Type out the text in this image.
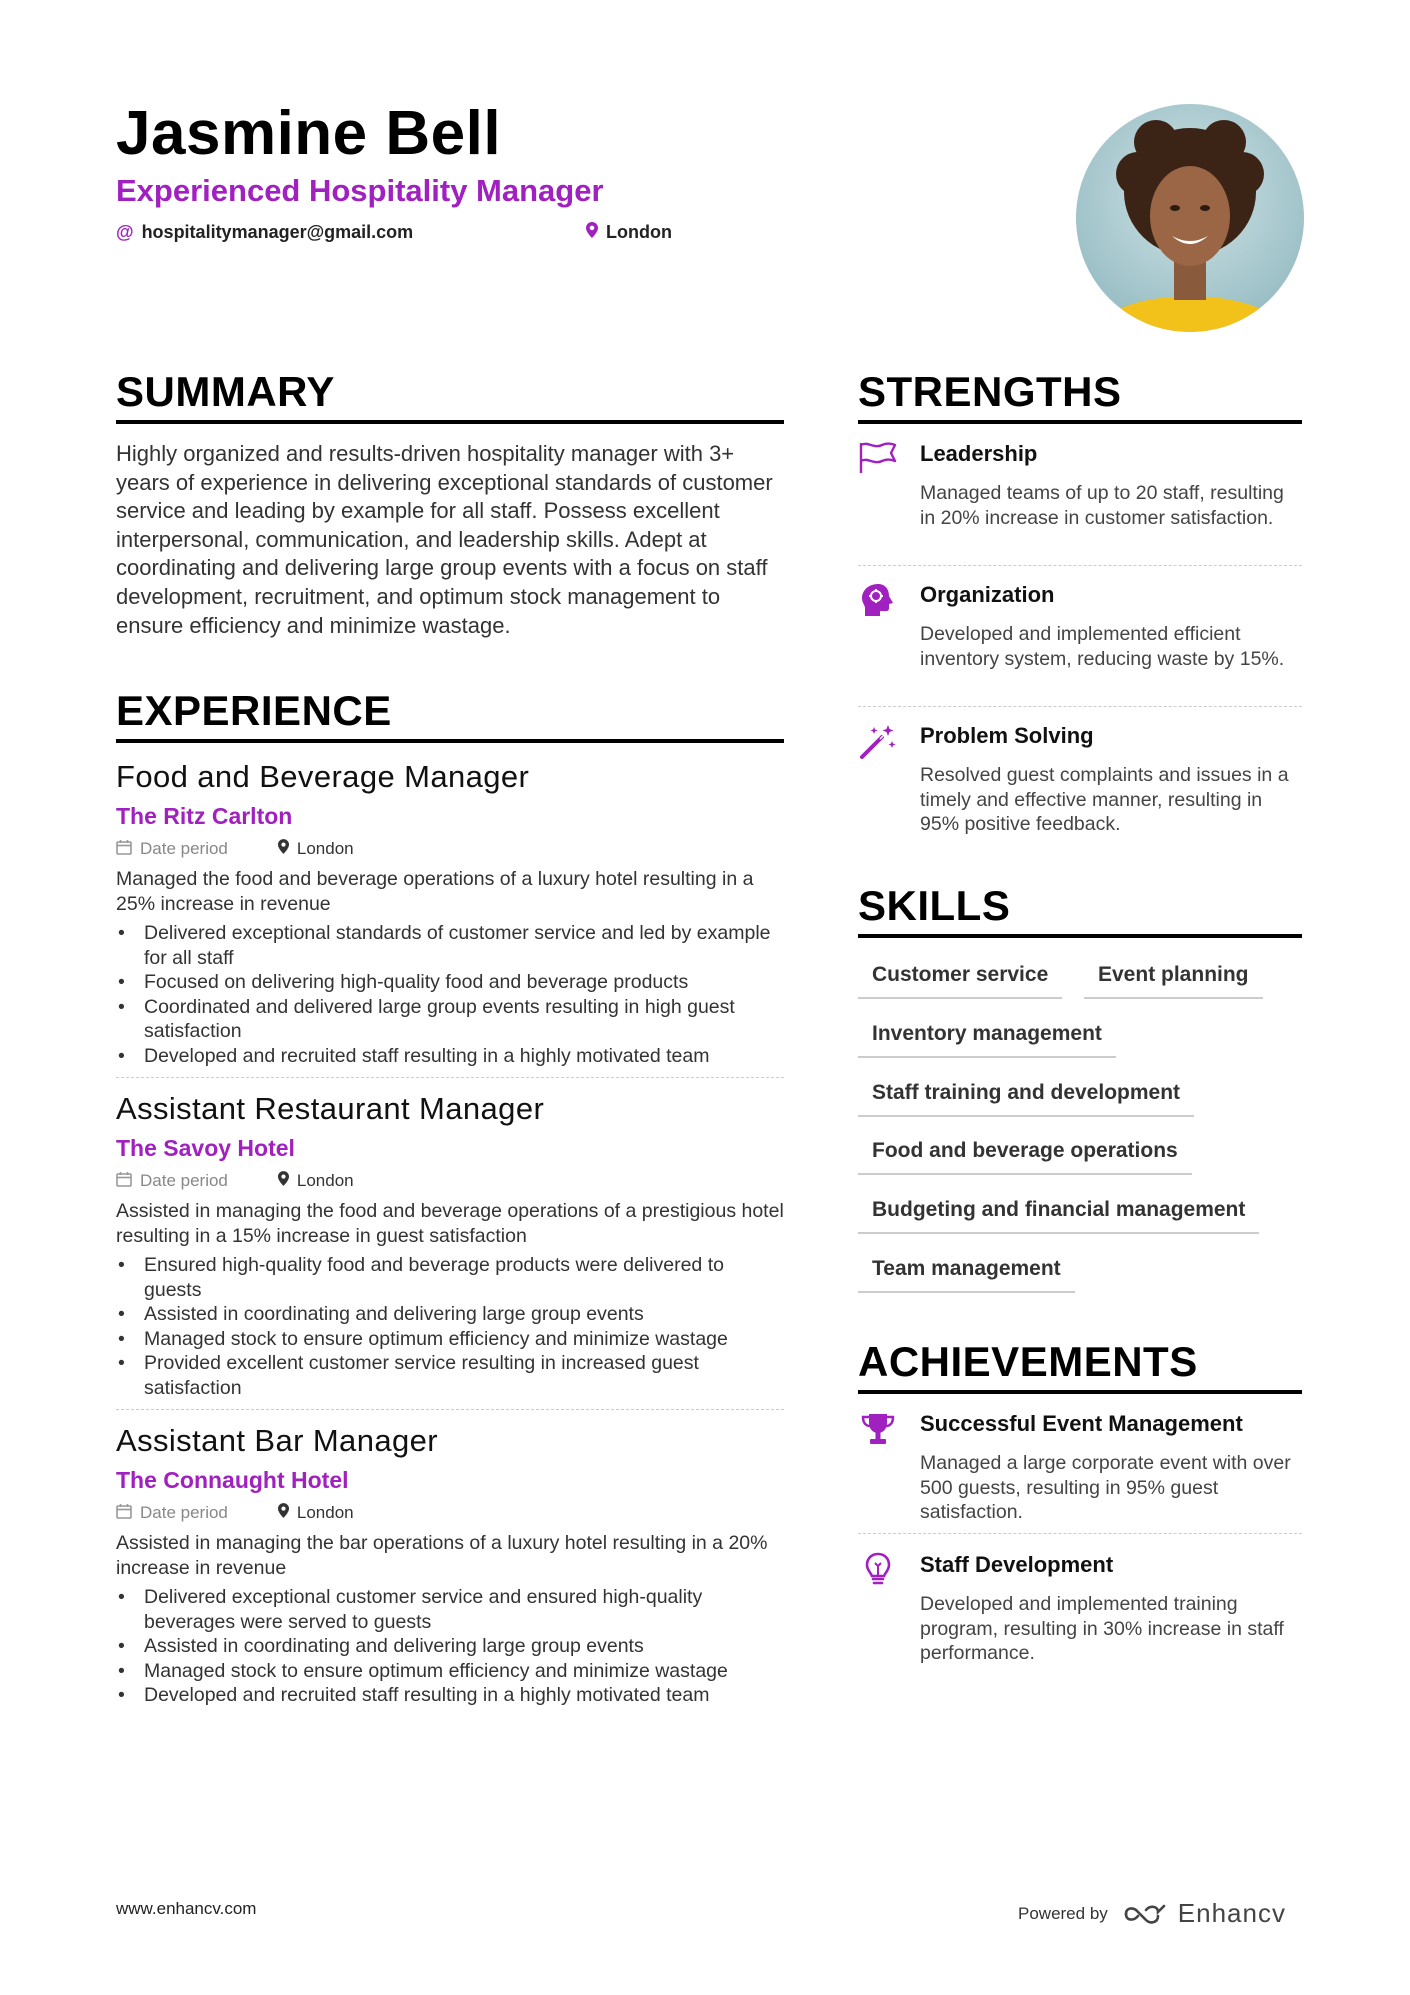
Jasmine Bell
Experienced Hospitality Manager
@ hospitalitymanager@gmail.com	London
SUMMARY
Highly organized and results-driven hospitality manager with 3+ years of experience in delivering exceptional standards of customer service and leading by example for all staff. Possess excellent interpersonal, communication, and leadership skills. Adept at coordinating and delivering large group events with a focus on staff development, recruitment, and optimum stock management to ensure efficiency and minimize wastage.
EXPERIENCE
Food and Beverage Manager
The Ritz Carlton
Date period	London
Managed the food and beverage operations of a luxury hotel resulting in a 25% increase in revenue
• Delivered exceptional standards of customer service and led by example for all staff
• Focused on delivering high-quality food and beverage products
• Coordinated and delivered large group events resulting in high guest satisfaction
• Developed and recruited staff resulting in a highly motivated team
Assistant Restaurant Manager
The Savoy Hotel
Date period	London
Assisted in managing the food and beverage operations of a prestigious hotel resulting in a 15% increase in guest satisfaction
• Ensured high-quality food and beverage products were delivered to guests
• Assisted in coordinating and delivering large group events
• Managed stock to ensure optimum efficiency and minimize wastage
• Provided excellent customer service resulting in increased guest satisfaction
Assistant Bar Manager
The Connaught Hotel
Date period	London
Assisted in managing the bar operations of a luxury hotel resulting in a 20% increase in revenue
• Delivered exceptional customer service and ensured high-quality beverages were served to guests
• Assisted in coordinating and delivering large group events
• Managed stock to ensure optimum efficiency and minimize wastage
• Developed and recruited staff resulting in a highly motivated team
STRENGTHS
Leadership
Managed teams of up to 20 staff, resulting in 20% increase in customer satisfaction.
Organization
Developed and implemented efficient inventory system, reducing waste by 15%.
Problem Solving
Resolved guest complaints and issues in a timely and effective manner, resulting in 95% positive feedback.
SKILLS
Customer service	Event planning
Inventory management
Staff training and development
Food and beverage operations
Budgeting and financial management
Team management
ACHIEVEMENTS
Successful Event Management
Managed a large corporate event with over 500 guests, resulting in 95% guest satisfaction.
Staff Development
Developed and implemented training program, resulting in 30% increase in staff performance.
www.enhancv.com	Powered by	Enhancv
